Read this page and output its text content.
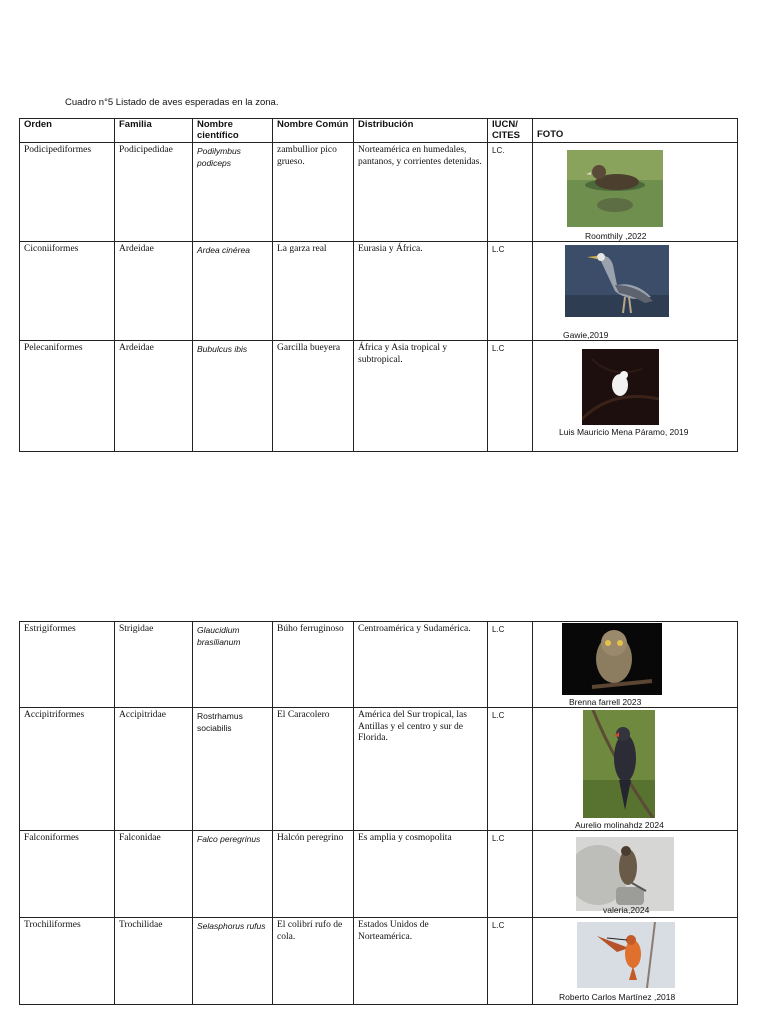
Cuadro n°5 Listado de aves esperadas en la zona.
Orden	Familia	Nombre científico	Nombre Común	Distribución	IUCN/ CITES	FOTO
Podicipediformes	Podicipedidae	Podilymbus podiceps	zambullior pico grueso.	Norteamérica en humedales, pantanos, y corrientes detenidas.	LC.	Roomthily ,2022

Ciconiiformes	Ardeidae	Ardea cinérea	La garza real	Eurasia y África.	L.C	Gawie,2019

Pelecaniformes	Ardeidae	Bubulcus ibis	Garcilla bueyera	África y Asia tropical y subtropical.	L.C	Luis Mauricio Mena Páramo, 2019
Estrigiformes	Strigidae	Glaucidium brasilianum	Búho ferruginoso	Centroamérica y Sudamérica.	L.C	Brenna farrell 2023

Accipitriformes	Accipitridae	Rostrhamus sociabilis	El Caracolero	América del Sur tropical, las Antillas y el centro y sur de Florida.	L.C	Aurelio molinahdz 2024

Falconiformes	Falconidae	Falco peregrinus	Halcón peregrino	Es amplia y cosmopolita	L.C	valeria,2024

Trochiliformes	Trochilidae	Selasphorus rufus	El colibrí rufo de cola.	Estados Unidos de Norteamérica.	L.C	Roberto Carlos Martínez ,2018
